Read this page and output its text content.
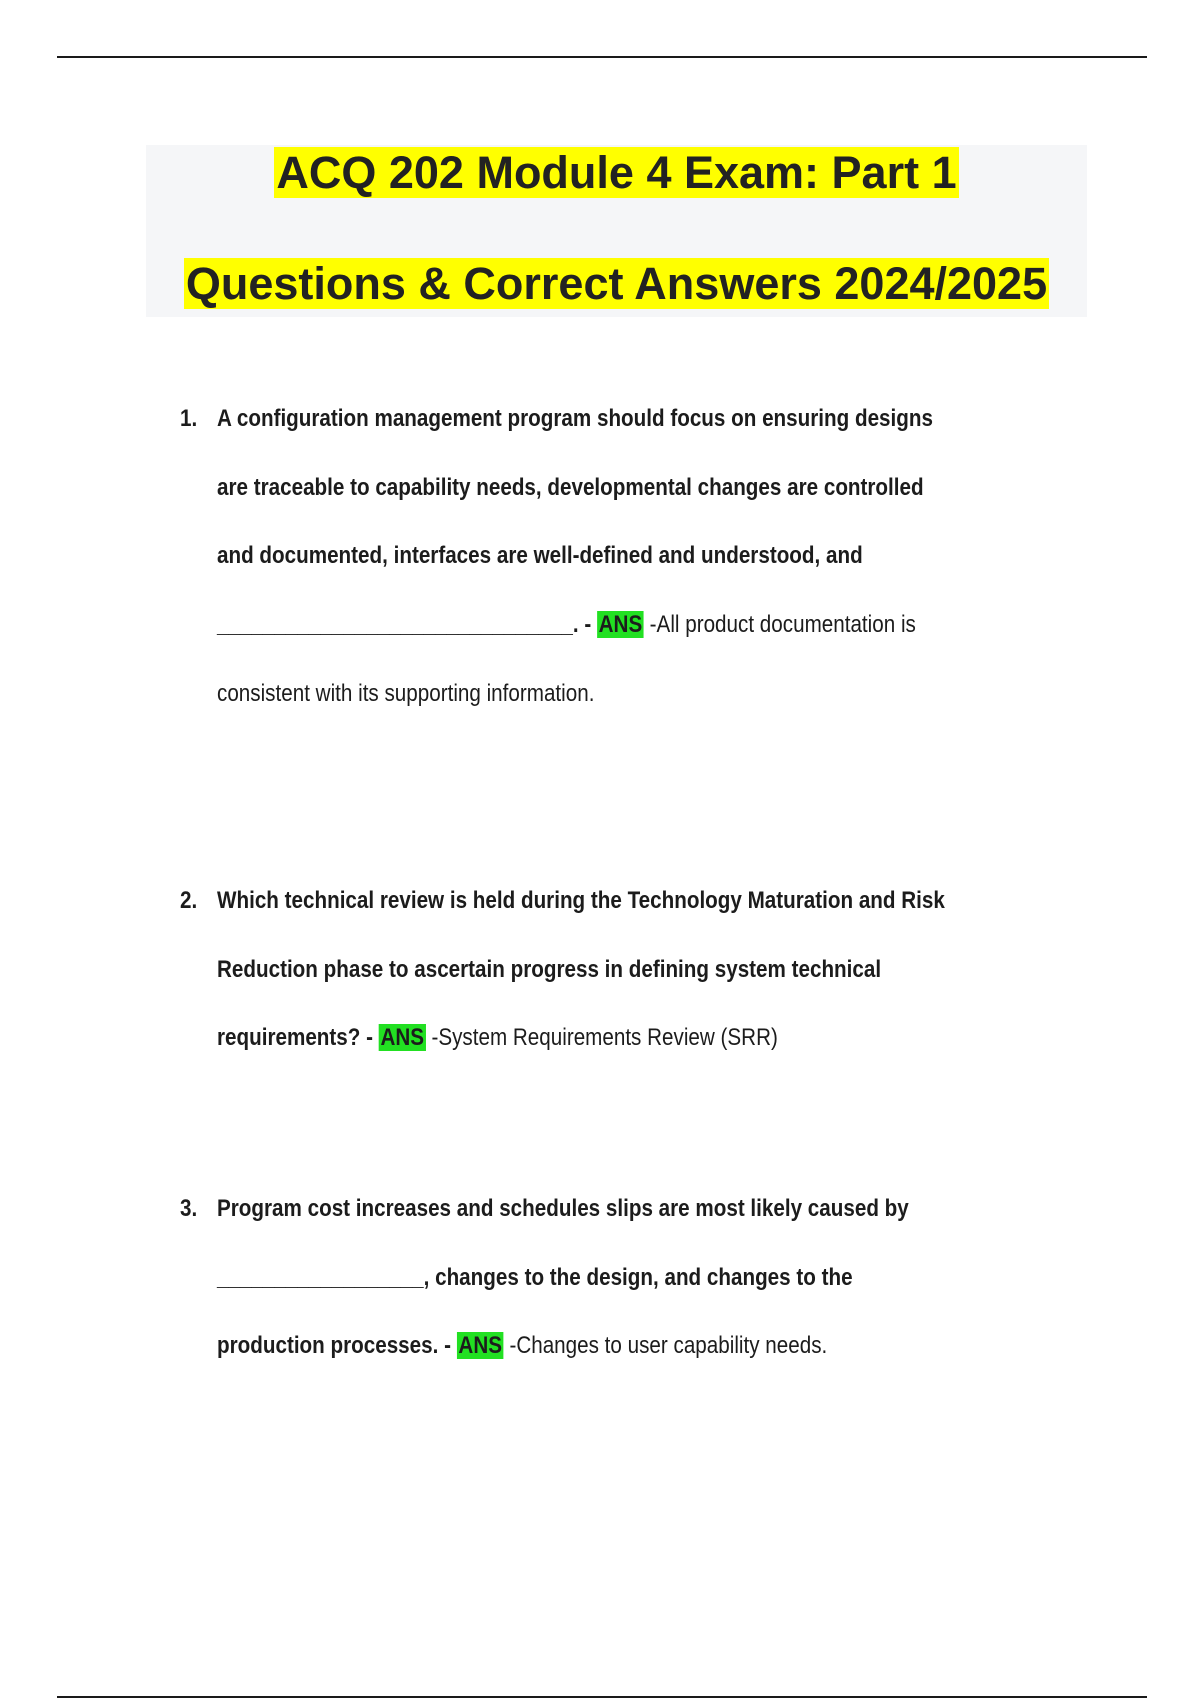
ACQ 202 Module 4 Exam: Part 1
Questions & Correct Answers 2024/2025
1. A configuration management program should focus on ensuring designs
are traceable to capability needs, developmental changes are controlled
and documented, interfaces are well-defined and understood, and
_______________________________. - ANS -All product documentation is
consistent with its supporting information.
2. Which technical review is held during the Technology Maturation and Risk
Reduction phase to ascertain progress in defining system technical
requirements? - ANS -System Requirements Review (SRR)
3. Program cost increases and schedules slips are most likely caused by
__________________, changes to the design, and changes to the
production processes. - ANS -Changes to user capability needs.
